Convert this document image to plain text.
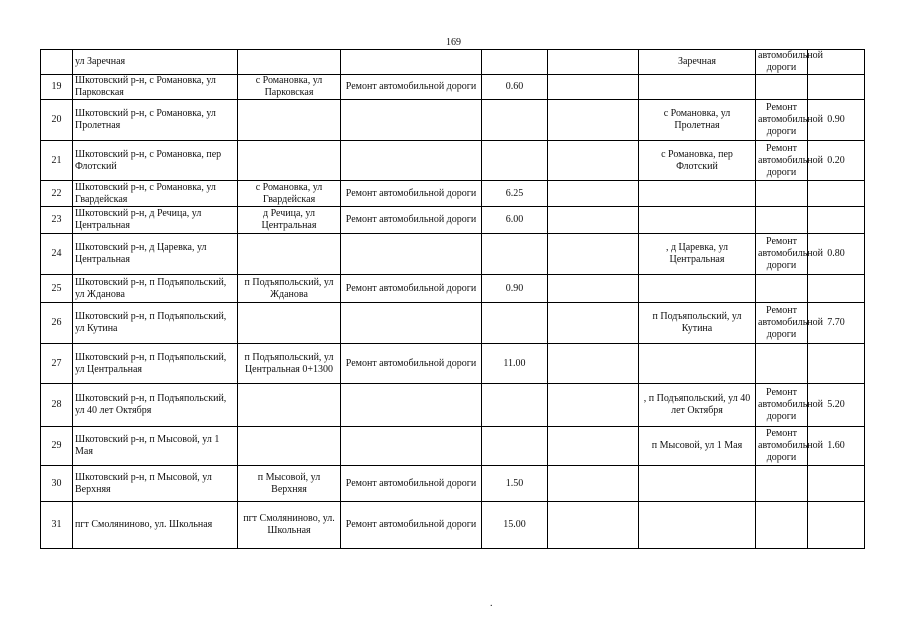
169
	ул Заречная					Заречная	автомобильной дороги	
19	Шкотовский р-н, с Романовка, ул Парковская	с Романовка, ул Парковская	Ремонт автомобильной дороги	0.60				
20	Шкотовский р-н, с Романовка, ул Пролетная					с Романовка, ул Пролетная	Ремонт автомобильной дороги	0.90
21	Шкотовский р-н, с Романовка, пер Флотский					с Романовка, пер Флотский	Ремонт автомобильной дороги	0.20
22	Шкотовский р-н, с Романовка, ул Гвардейская	с Романовка, ул Гвардейская	Ремонт автомобильной дороги	6.25				
23	Шкотовский р-н, д Речица, ул Центральная	д Речица, ул Центральная	Ремонт автомобильной дороги	6.00				
24	Шкотовский р-н, д Царевка, ул Центральная					, д Царевка, ул Центральная	Ремонт автомобильной дороги	0.80
25	Шкотовский р-н, п Подъяпольский, ул Жданова	п Подъяпольский, ул Жданова	Ремонт автомобильной дороги	0.90				
26	Шкотовский р-н, п Подъяпольский, ул Кутина					п Подъяпольский, ул Кутина	Ремонт автомобильной дороги	7.70
27	Шкотовский р-н, п Подъяпольский, ул Центральная	п Подъяпольский, ул Центральная 0+1300	Ремонт автомобильной дороги	11.00				
28	Шкотовский р-н, п Подъяпольский, ул 40 лет Октября					, п Подъяпольский, ул 40 лет Октября	Ремонт автомобильной дороги	5.20
29	Шкотовский р-н, п Мысовой, ул 1 Мая					п Мысовой, ул 1 Мая	Ремонт автомобильной дороги	1.60
30	Шкотовский р-н, п Мысовой, ул Верхняя	п Мысовой, ул Верхняя	Ремонт автомобильной дороги	1.50				
31	пгт Смоляниново, ул. Школьная	пгт Смоляниново, ул. Школьная	Ремонт автомобильной дороги	15.00				
.
